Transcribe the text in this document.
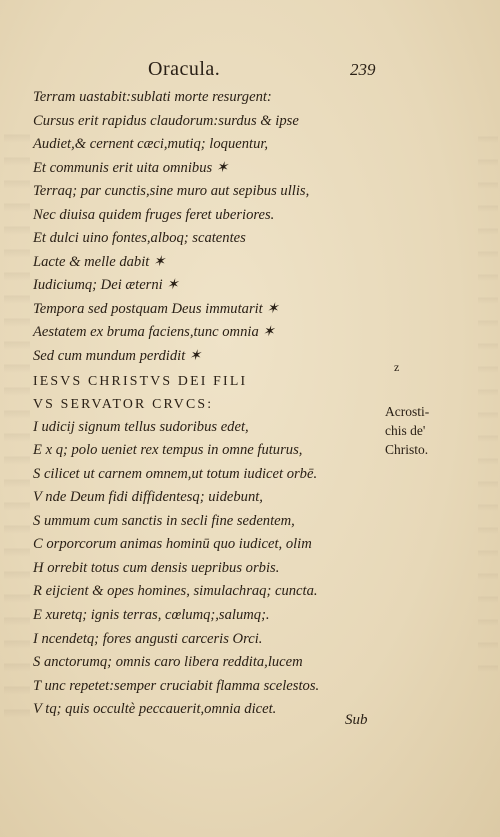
Oracula.	239
Terram uastabit:sublati morte resurgent:
Cursus erit rapidus claudorum:surdus & ipse
Audiet,& cernent cæci,mutiq; loquentur,
Et communis erit uita omnibus ✶
Terraq; par cunctis,sine muro aut sepibus ullis,
Nec diuisa quidem fruges feret uberiores.
Et dulci uino fontes,alboq; scatentes
Lacte & melle dabit ✶
Iudiciumq; Dei æterni ✶
Tempora sed postquam Deus immutarit ✶
Aestatem ex bruma faciens,tunc omnia ✶
Sed cum mundum perdidit ✶
IESVS CHRISTVS DEI FILI
VS SERVATOR CRVCS:
I udicij signum tellus sudoribus edet,
E x q; polo ueniet rex tempus in omne futurus,
S cilicet ut carnem omnem,ut totum iudicet orbē.
V nde Deum fidi diffidentesq; uidebunt,
S ummum cum sanctis in secli fine sedentem,
C orporcorum animas hominū quo iudicet, olim
H orrebit totus cum densis uepribus orbis.
R eijcient & opes homines, simulachraq; cuncta.
E xuretq; ignis terras, cœlumq;,salumq;.
I ncendetq; fores angusti carceris Orci.
S anctorumq; omnis caro libera reddita,lucem
T unc repetet:semper cruciabit flamma scelestos.
V tq; quis occultè peccauerit,omnia dicet.
z
Acrosti-
chis de'
Christo.
Sub
